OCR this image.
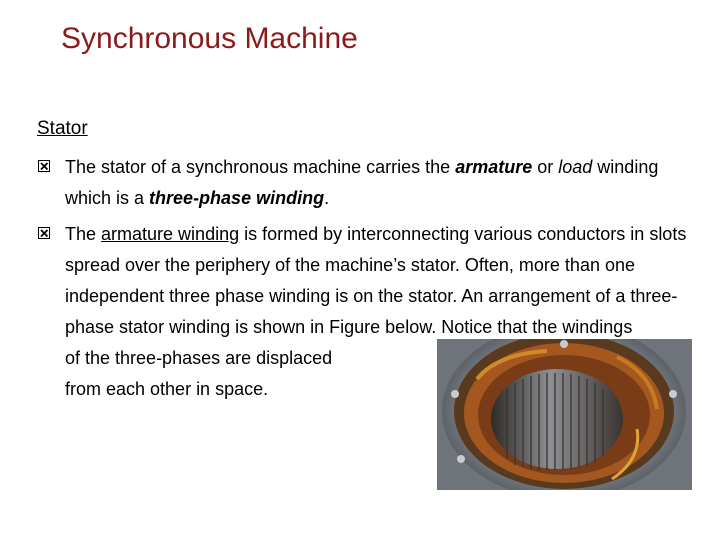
Synchronous Machine
Stator
The stator of a synchronous machine carries the armature or load winding which is a three-phase winding.
The armature winding is formed by interconnecting various conductors in slots spread over the periphery of the machine’s stator. Often, more than one independent three phase winding is on the stator. An arrangement of a three-phase stator winding is shown in Figure below. Notice that the windings
of the three-phases are displaced
from each other in space.
